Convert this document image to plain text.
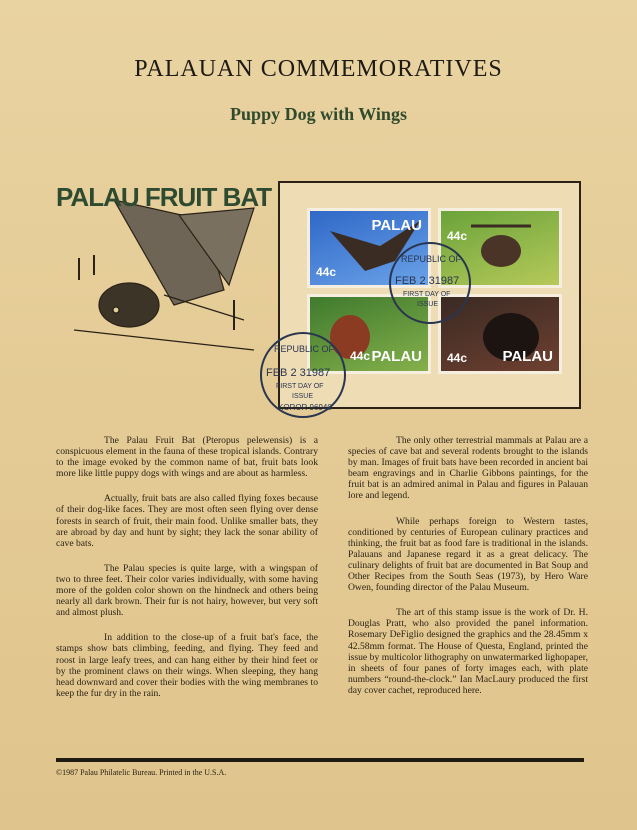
PALAUAN COMMEMORATIVES
Puppy Dog with Wings
PALAU FRUIT BAT
PALAU
44c
44c
44c PALAU 44c PALAU
REPUBLIC OF
FEB 2 31987
FIRST DAY OF
ISSUE
REPUBLIC OF
FEB 2 31987
FIRST DAY OF
ISSUE
KOROR 96940

The Palau Fruit Bat (Pteropus pelewensis) is a conspicuous element in the fauna of these tropical islands. Contrary to the image evoked by the common name of bat, fruit bats look more like little puppy dogs with wings and are about as harmless.

Actually, fruit bats are also called flying foxes because of their dog-like faces. They are most often seen flying over dense forests in search of fruit, their main food. Unlike smaller bats, they are abroad by day and hunt by sight; they lack the sonar ability of cave bats.

The Palau species is quite large, with a wingspan of two to three feet. Their color varies individually, with some having more of the golden color shown on the hindneck and others being nearly all dark brown. Their fur is not hairy, however, but very soft and almost plush.

In addition to the close-up of a fruit bat's face, the stamps show bats climbing, feeding, and flying. They feed and roost in large leafy trees, and can hang either by their hind feet or by the prominent claws on their wings. When sleeping, they hang head downward and cover their bodies with the wing membranes to keep the fur dry in the rain.

The only other terrestrial mammals at Palau are a species of cave bat and several rodents brought to the islands by man. Images of fruit bats have been recorded in ancient bai beam engravings and in Charlie Gibbons paintings, for the fruit bat is an admired animal in Palau and figures in Palauan lore and legend.

While perhaps foreign to Western tastes, conditioned by centuries of European culinary practices and thinking, the fruit bat as food fare is traditional in the islands. Palauans and Japanese regard it as a great delicacy. The culinary delights of fruit bat are documented in Bat Soup and Other Recipes from the South Seas (1973), by Hero Ware Owen, founding director of the Palau Museum.

The art of this stamp issue is the work of Dr. H. Douglas Pratt, who also provided the panel information. Rosemary DeFiglio designed the graphics and the 28.45mm x 42.58mm format. The House of Questa, England, printed the issue by multicolor lithography on unwatermarked lighopaper, in sheets of four panes of forty images each, with plate numbers “round-the-clock.” Ian MacLaury produced the first day cover cachet, reproduced here.

©1987 Palau Philatelic Bureau. Printed in the U.S.A.
